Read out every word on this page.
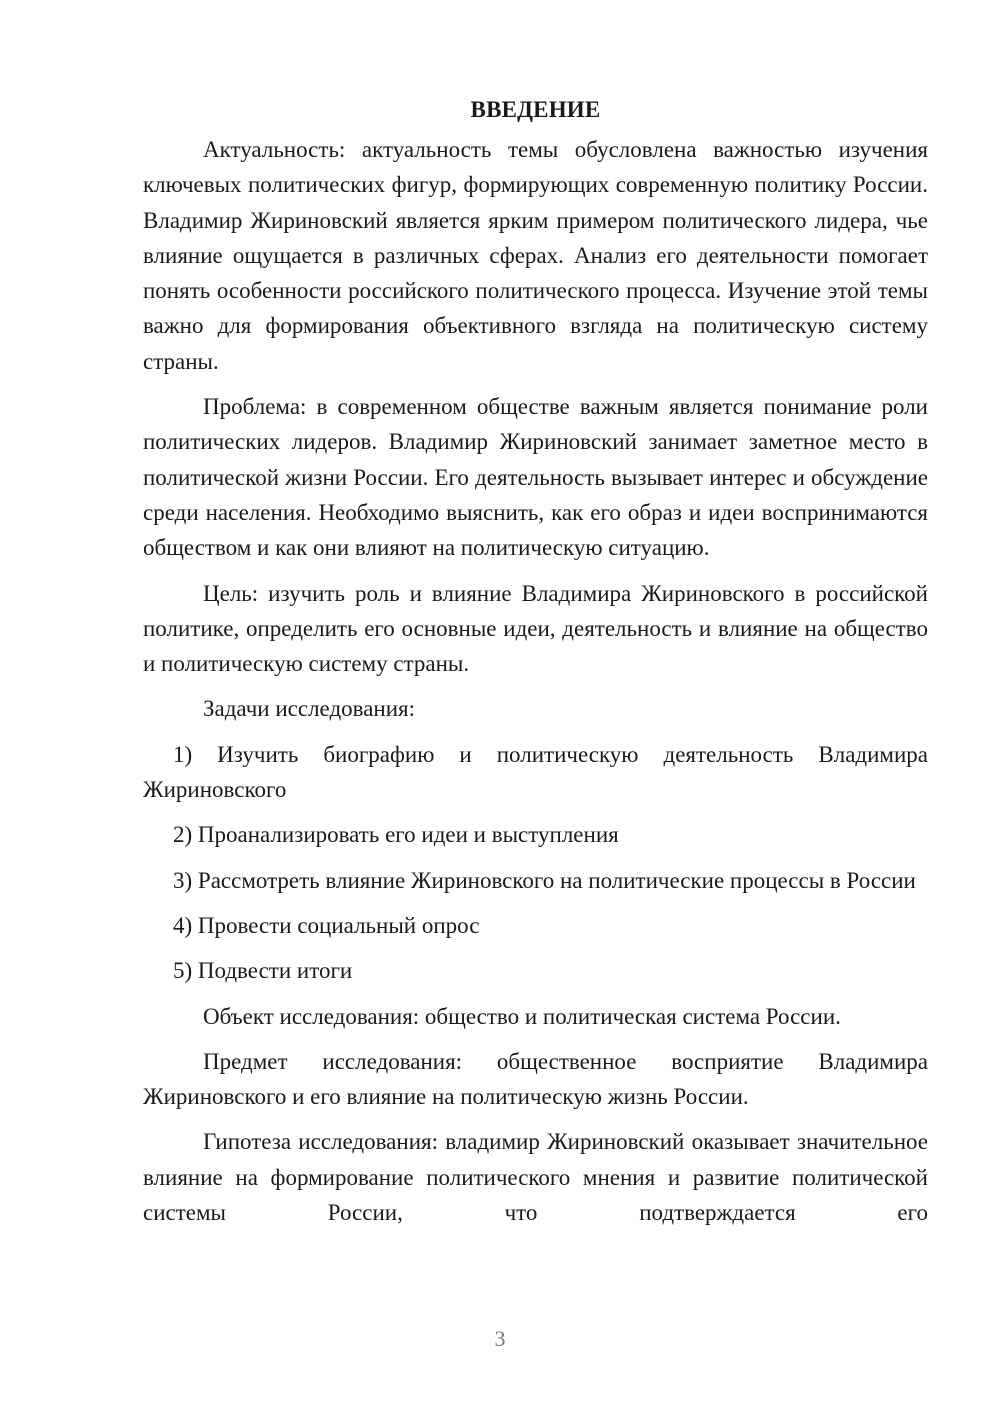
ВВЕДЕНИЕ

Актуальность: актуальность темы обусловлена важностью изучения ключевых политических фигур, формирующих современную политику России. Владимир Жириновский является ярким примером политического лидера, чье влияние ощущается в различных сферах. Анализ его деятельности помогает понять особенности российского политического процесса. Изучение этой темы важно для формирования объективного взгляда на политическую систему страны.

Проблема: в современном обществе важным является понимание роли политических лидеров. Владимир Жириновский занимает заметное место в политической жизни России. Его деятельность вызывает интерес и обсуждение среди населения. Необходимо выяснить, как его образ и идеи воспринимаются обществом и как они влияют на политическую ситуацию.

Цель: изучить роль и влияние Владимира Жириновского в российской политике, определить его основные идеи, деятельность и влияние на общество и политическую систему страны.

Задачи исследования:

1) Изучить биографию и политическую деятельность Владимира Жириновского

2) Проанализировать его идеи и выступления

3) Рассмотреть влияние Жириновского на политические процессы в России

4) Провести социальный опрос

5) Подвести итоги

Объект исследования: общество и политическая система России.

Предмет исследования: общественное восприятие Владимира Жириновского и его влияние на политическую жизнь России.

Гипотеза исследования: владимир Жириновский оказывает значительное влияние на формирование политического мнения и развитие политической системы России, что подтверждается его

3
